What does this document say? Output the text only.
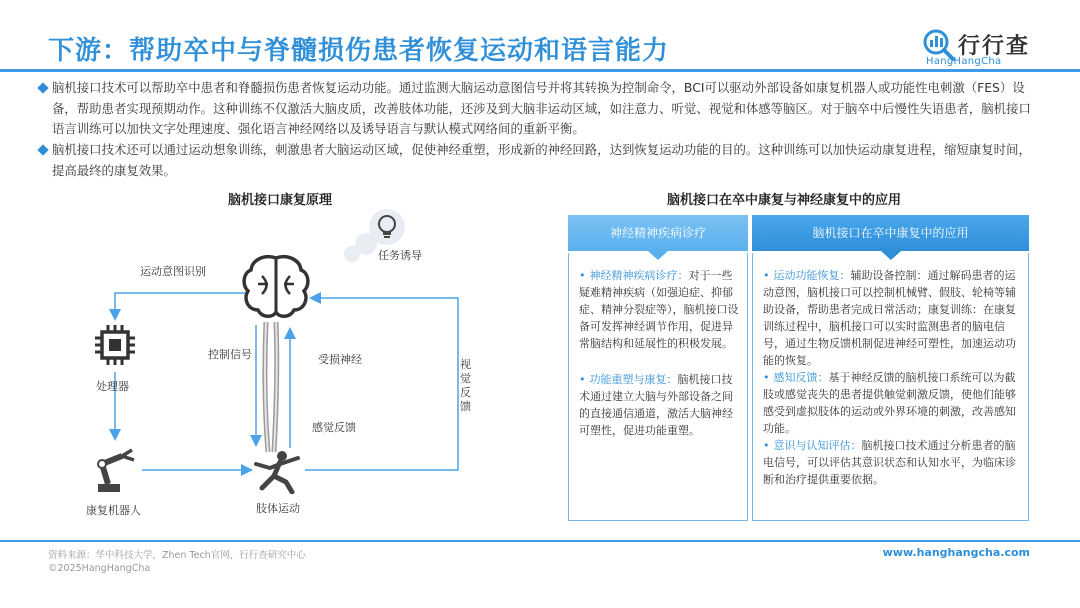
下游：帮助卒中与脊髓损伤患者恢复运动和语言能力	行行查
HangHangCha
脑机接口技术可以帮助卒中患者和脊髓损伤患者恢复运动功能。通过监测大脑运动意图信号并将其转换为控制命令，BCI可以驱动外部设备如康复机器人或功能性电刺激（FES）设备，帮助患者实现预期动作。这种训练不仅激活大脑皮质，改善肢体功能，还涉及到大脑非运动区域，如注意力、听觉、视觉和体感等脑区。对于脑卒中后慢性失语患者，脑机接口语言训练可以加快文字处理速度、强化语言神经网络以及诱导语言与默认模式网络间的重新平衡。
脑机接口技术还可以通过运动想象训练，刺激患者大脑运动区域，促使神经重塑，形成新的神经回路，达到恢复运动功能的目的。这种训练可以加快运动康复进程，缩短康复时间，提高最终的康复效果。
脑机接口康复原理
任务诱导
运动意图识别
处理器
控制信号	受损神经	视觉反馈
感觉反馈
康复机器人	肢体运动
脑机接口在卒中康复与神经康复中的应用
神经精神疾病诊疗	脑机接口在卒中康复中的应用
• 神经精神疾病诊疗：对于一些疑难精神疾病（如强迫症、抑郁症、精神分裂症等），脑机接口设备可发挥神经调节作用，促进异常脑结构和延展性的积极发展。
• 功能重塑与康复：脑机接口技术通过建立大脑与外部设备之间的直接通信通道，激活大脑神经可塑性，促进功能重塑。
• 运动功能恢复：辅助设备控制：通过解码患者的运动意图，脑机接口可以控制机械臂、假肢、轮椅等辅助设备，帮助患者完成日常活动；康复训练：在康复训练过程中，脑机接口可以实时监测患者的脑电信号，通过生物反馈机制促进神经可塑性，加速运动功能的恢复。
• 感知反馈：基于神经反馈的脑机接口系统可以为截肢或感觉丧失的患者提供触觉刺激反馈，使他们能够感受到虚拟肢体的运动或外界环境的刺激，改善感知功能。
• 意识与认知评估：脑机接口技术通过分析患者的脑电信号，可以评估其意识状态和认知水平，为临床诊断和治疗提供重要依据。
资料来源：华中科技大学，Zhen Tech官网，行行查研究中心
©2025HangHangCha
www.hanghangcha.com
